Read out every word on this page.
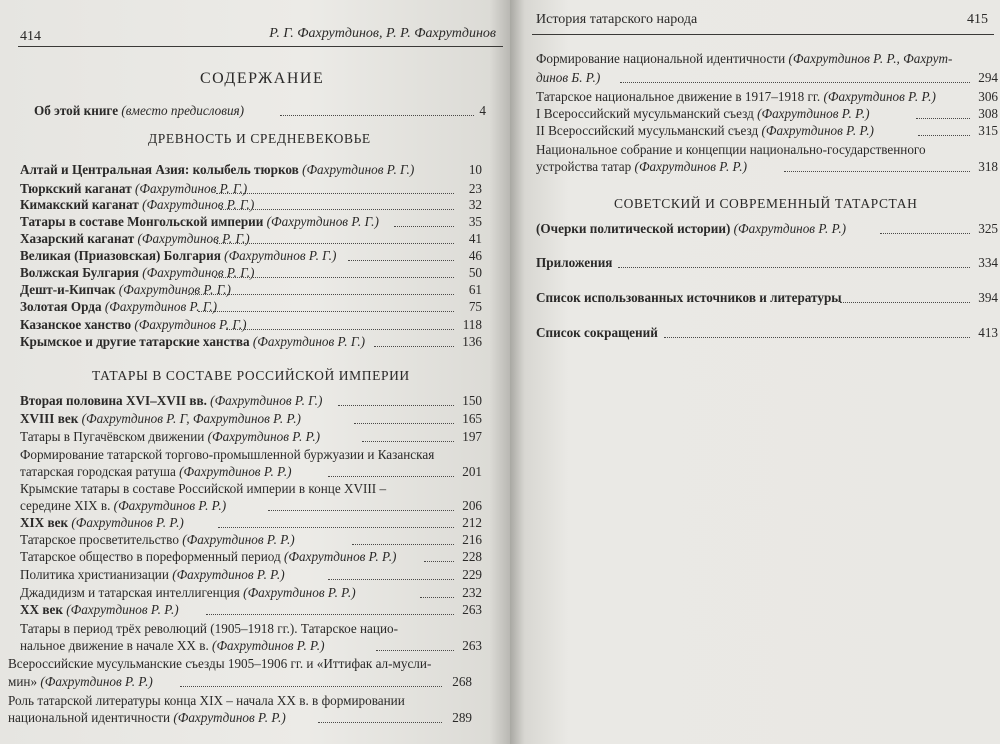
414	Р. Г. Фахрутдинов, Р. Р. Фахрутдинов
СОДЕРЖАНИЕ
Об этой книге (вместо предисловия)	4
ДРЕВНОСТЬ И СРЕДНЕВЕКОВЬЕ
Алтай и Центральная Азия: колыбель тюрков (Фахрутдинов Р. Г.)	10
Тюркский каганат (Фахрутдинов Р. Г.)	23
Кимакский каганат (Фахрутдинов Р. Г.)	32
Татары в составе Монгольской империи (Фахрутдинов Р. Г.)	35
Хазарский каганат (Фахрутдинов Р. Г.)	41
Великая (Приазовская) Болгария (Фахрутдинов Р. Г.)	46
Волжская Булгария (Фахрутдинов Р. Г.)	50
Дешт-и-Кипчак (Фахрутдинов Р. Г.)	61
Золотая Орда (Фахрутдинов Р. Г.)	75
Казанское ханство (Фахрутдинов Р. Г.)	118
Крымское и другие татарские ханства (Фахрутдинов Р. Г.)	136
ТАТАРЫ В СОСТАВЕ РОССИЙСКОЙ ИМПЕРИИ
Вторая половина XVI–XVII вв. (Фахрутдинов Р. Г.)	150
XVIII век (Фахрутдинов Р. Г, Фахрутдинов Р. Р.)	165
Татары в Пугачёвском движении (Фахрутдинов Р. Р.)	197
Формирование татарской торгово-промышленной буржуазии и Казанская
татарская городская ратуша (Фахрутдинов Р. Р.)	201
Крымские татары в составе Российской империи в конце XVIII –
середине XIX в. (Фахрутдинов Р. Р.)	206
XIX век (Фахрутдинов Р. Р.)	212
Татарское просветительство (Фахрутдинов Р. Р.)	216
Татарское общество в пореформенный период (Фахрутдинов Р. Р.)	228
Политика христианизации (Фахрутдинов Р. Р.)	229
Джадидизм и татарская интеллигенция (Фахрутдинов Р. Р.)	232
XX век (Фахрутдинов Р. Р.)	263
Татары в период трёх революций (1905–1918 гг.). Татарское нацио-
нальное движение в начале XX в. (Фахрутдинов Р. Р.)	263
Всероссийские мусульманские съезды 1905–1906 гг. и «Иттифак ал-мусли-
мин» (Фахрутдинов Р. Р.)	268
Роль татарской литературы конца XIX – начала XX в. в формировании
национальной идентичности (Фахрутдинов Р. Р.)	289
История татарского народа	415
Формирование национальной идентичности (Фахрутдинов Р. Р., Фахрут-
динов Б. Р.)	294
Татарское национальное движение в 1917–1918 гг. (Фахрутдинов Р. Р.)	306
I Всероссийский мусульманский съезд (Фахрутдинов Р. Р.)	308
II Всероссийский мусульманский съезд (Фахрутдинов Р. Р.)	315
Национальное собрание и концепции национально-государственного
устройства татар (Фахрутдинов Р. Р.)	318
СОВЕТСКИЙ И СОВРЕМЕННЫЙ ТАТАРСТАН
(Очерки политической истории) (Фахрутдинов Р. Р.)	325
Приложения	334
Список использованных источников и литературы	394
Список сокращений	413
